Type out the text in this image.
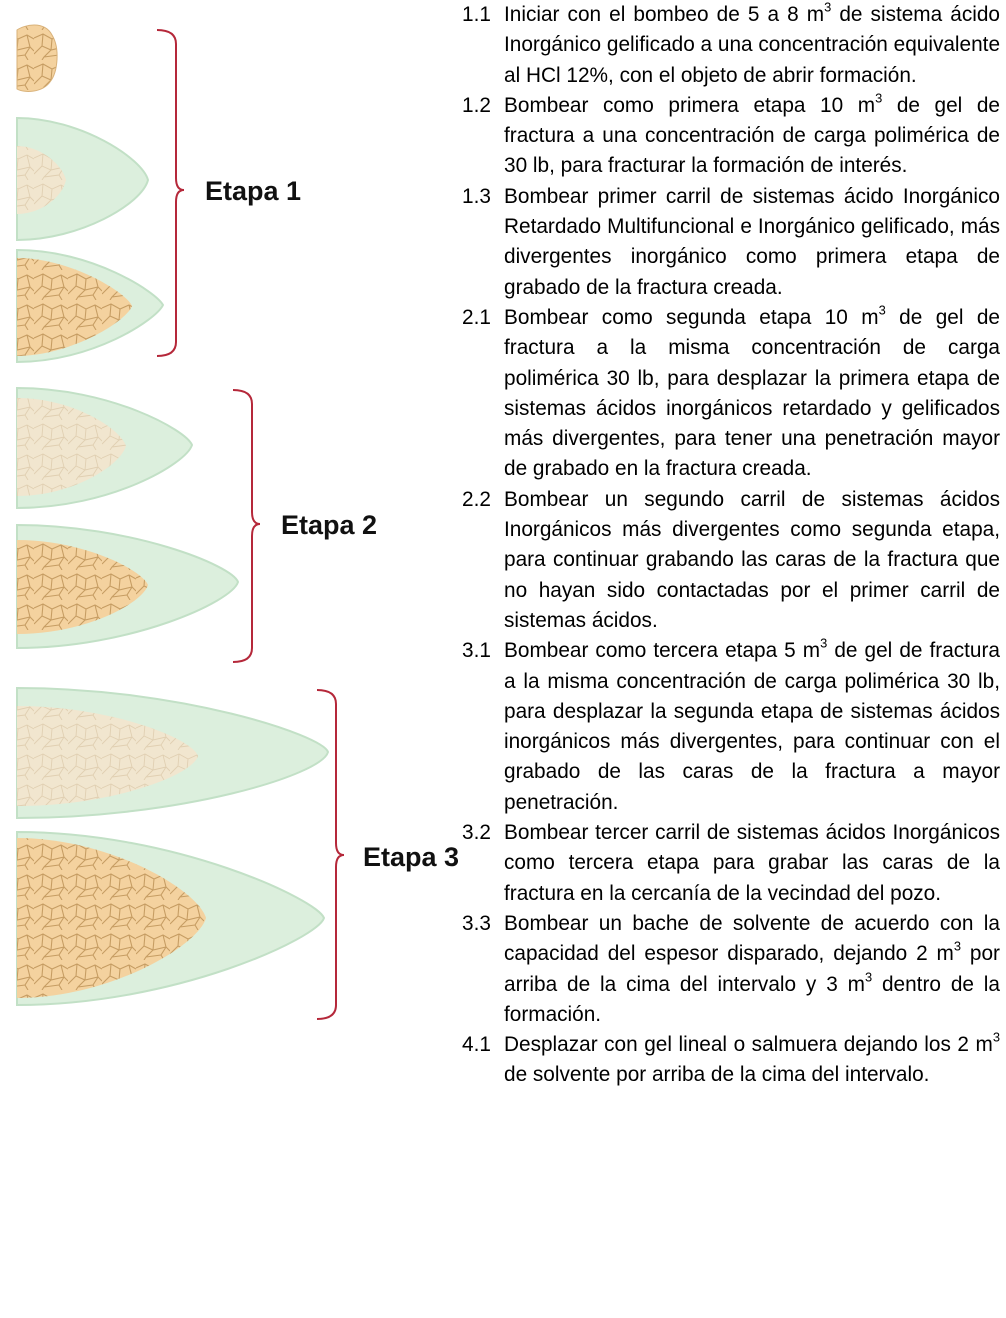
Etapa 1
Etapa 2
Etapa 3
1.1 Iniciar con el bombeo de 5 a 8 $m^3$ de sistema ácido Inorgánico gelificado a una concentración equivalente al HCl 12%, con el objeto de abrir formación.
1.2 Bombear como primera etapa 10 $m^3$ de gel de fractura a una concentración de carga polimérica de 30 lb, para fracturar la formación de interés.
1.3 Bombear primer carril de sistemas ácido Inorgánico Retardado Multifuncional e Inorgánico gelificado, más divergentes inorgánico como primera etapa de grabado de la fractura creada.
2.1 Bombear como segunda etapa 10 $m^3$ de gel de fractura a la misma concentración de carga polimérica 30 lb, para desplazar la primera etapa de sistemas ácidos inorgánicos retardado y gelificados más divergentes, para tener una penetración mayor de grabado en la fractura creada.
2.2 Bombear un segundo carril de sistemas ácidos Inorgánicos más divergentes como segunda etapa, para continuar grabando las caras de la fractura que no hayan sido contactadas por el primer carril de sistemas ácidos.
3.1 Bombear como tercera etapa 5 $m^3$ de gel de fractura a la misma concentración de carga polimérica 30 lb, para desplazar la segunda etapa de sistemas ácidos inorgánicos más divergentes, para continuar con el grabado de las caras de la fractura a mayor penetración.
3.2 Bombear tercer carril de sistemas ácidos Inorgánicos como tercera etapa para grabar las caras de la fractura en la cercanía de la vecindad del pozo.
3.3 Bombear un bache de solvente de acuerdo con la capacidad del espesor disparado, dejando 2 $m^3$ por arriba de la cima del intervalo y 3 $m^3$ dentro de la formación.
4.1 Desplazar con gel lineal o salmuera dejando los 2 $m^3$ de solvente por arriba de la cima del intervalo.
